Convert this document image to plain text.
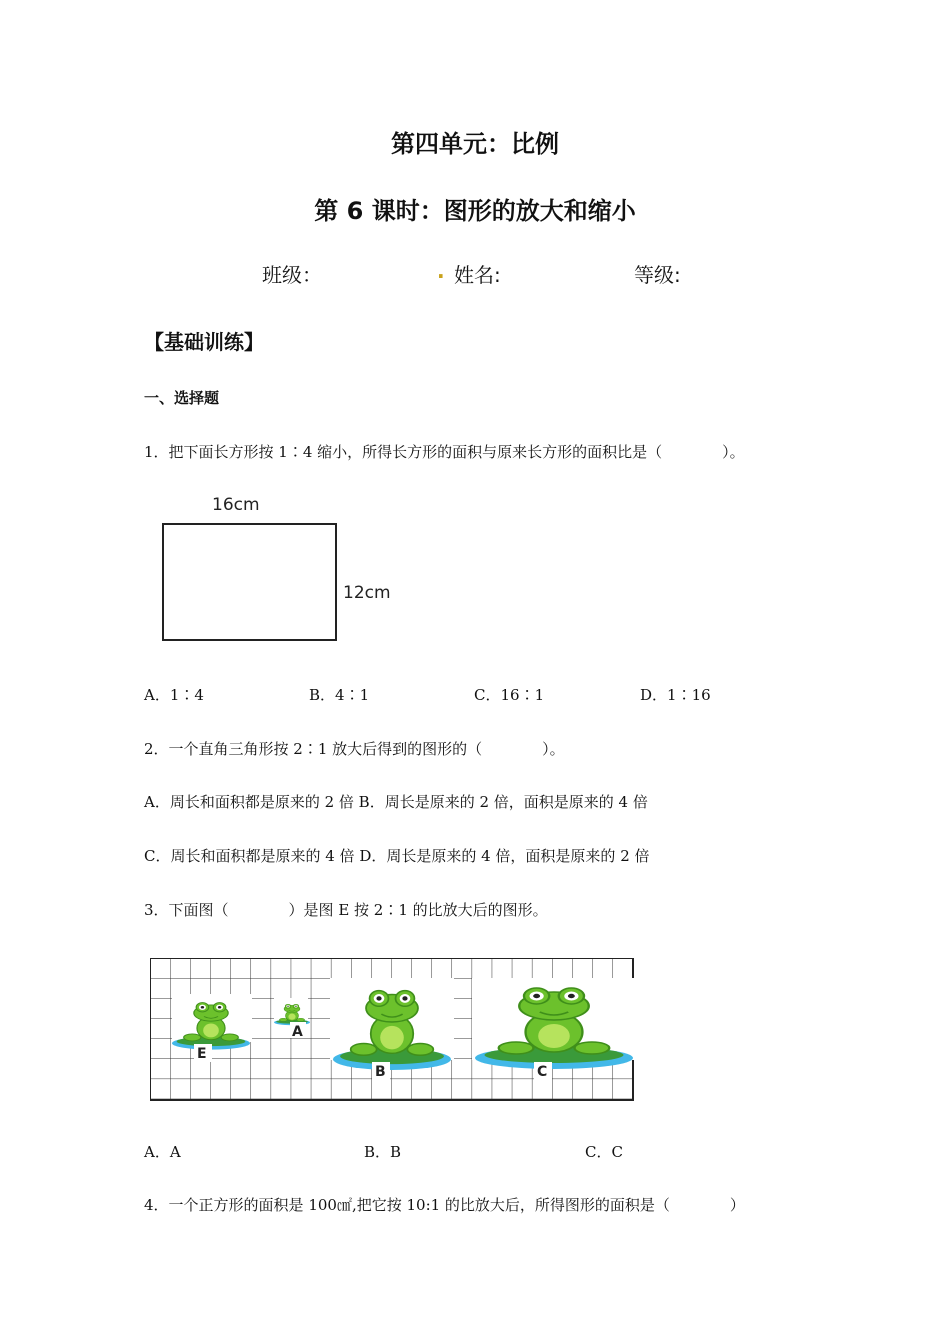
第四单元：比例
第 6 课时：图形的放大和缩小
班级：	. 姓名:	等级:
【基础训练】
一、选择题
1．把下面长方形按 1∶4 缩小，所得长方形的面积与原来长方形的面积比是（　　　　）。
16cm
12cm
A．1∶4	B．4∶1	C．16∶1	D．1∶16
2．一个直角三角形按 2∶1 放大后得到的图形的（　　　　）。
A．周长和面积都是原来的 2 倍 B．周长是原来的 2 倍，面积是原来的 4 倍
C．周长和面积都是原来的 4 倍 D．周长是原来的 4 倍，面积是原来的 2 倍
3．下面图（　　　　）是图 E 按 2∶1 的比放大后的图形。
E
A
B	C
A．A	B．B	C．C
4．一个正方形的面积是 100㎠,把它按 10:1 的比放大后，所得图形的面积是（　　　　）
